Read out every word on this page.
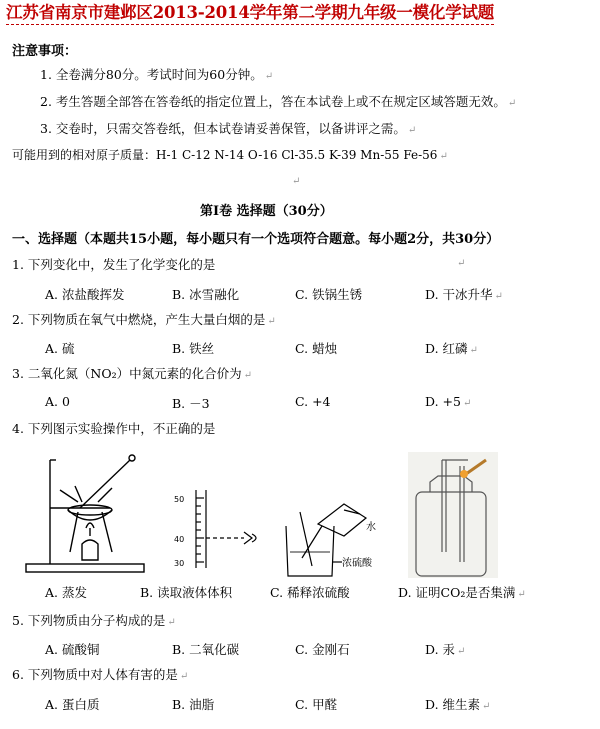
江苏省南京市建邺区2013-2014学年第二学期九年级一模化学试题
注意事项：
1. 全卷满分80分。考试时间为60分钟。 ↵
2. 考生答题全部答在答卷纸的指定位置上，答在本试卷上或不在规定区域答题无效。 ↵
3. 交卷时，只需交答卷纸，但本试卷请妥善保管，以备讲评之需。 ↵
可能用到的相对原子质量：H-1 C-12 N-14 O-16 Cl-35.5 K-39 Mn-55 Fe-56 ↵
↵
第Ⅰ卷 选择题（30分）
一、选择题（本题共15小题，每小题只有一个选项符合题意。每小题2分，共30分）
1. 下列变化中，发生了化学变化的是	↵
A. 浓盐酸挥发	B. 冰雪融化	C. 铁锅生锈	D. 干冰升华 ↵
2. 下列物质在氧气中燃烧，产生大量白烟的是 ↵
A. 硫	B. 铁丝	C. 蜡烛	D. 红磷 ↵
3. 二氧化氮（NO₂）中氮元素的化合价为 ↵
A. 0	B. －3	C. +4	D. +5 ↵
4. 下列图示实验操作中，不正确的是
A. 蒸发
50
40
30
B. 读取液体体积
水
浓硫酸
C. 稀释浓硫酸	D. 证明CO₂是否集满 ↵
5. 下列物质由分子构成的是 ↵
A. 硫酸铜	B. 二氧化碳	C. 金刚石	D. 汞 ↵
6. 下列物质中对人体有害的是 ↵
A. 蛋白质	B. 油脂	C. 甲醛	D. 维生素 ↵
